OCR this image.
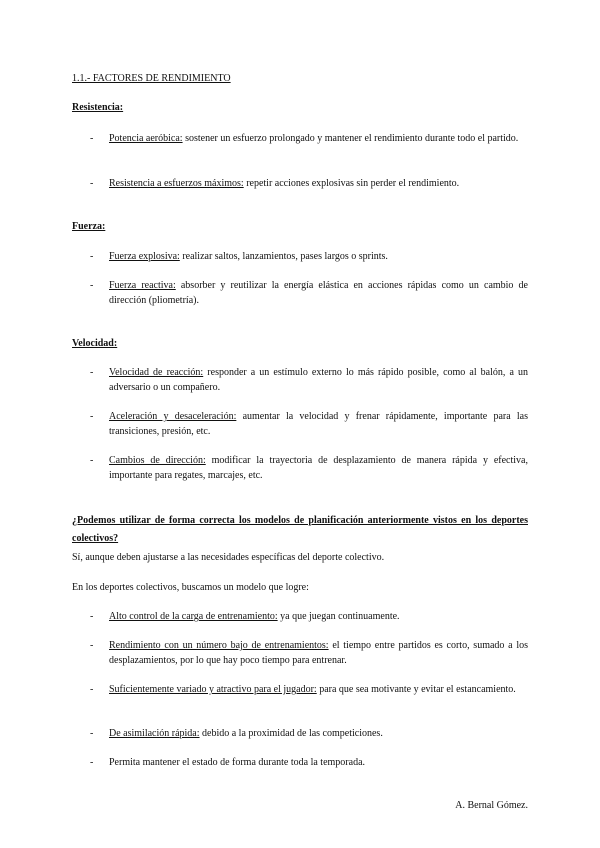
1.1.- FACTORES DE RENDIMIENTO
Resistencia:
- Potencia aeróbica: sostener un esfuerzo prolongado y mantener el rendimiento durante todo el partido.
- Resistencia a esfuerzos máximos: repetir acciones explosivas sin perder el rendimiento.
Fuerza:
- Fuerza explosiva: realizar saltos, lanzamientos, pases largos o sprints.
- Fuerza reactiva: absorber y reutilizar la energía elástica en acciones rápidas como un cambio de dirección (pliometría).
Velocidad:
- Velocidad de reacción: responder a un estímulo externo lo más rápido posible, como al balón, a un adversario o un compañero.
- Aceleración y desaceleración: aumentar la velocidad y frenar rápidamente, importante para las transiciones, presión, etc.
- Cambios de dirección: modificar la trayectoria de desplazamiento de manera rápida y efectiva, importante para regates, marcajes, etc.
¿Podemos utilizar de forma correcta los modelos de planificación anteriormente vistos en los deportes colectivos?
Sí, aunque deben ajustarse a las necesidades específicas del deporte colectivo.
En los deportes colectivos, buscamos un modelo que logre:
- Alto control de la carga de entrenamiento: ya que juegan continuamente.
- Rendimiento con un número bajo de entrenamientos: el tiempo entre partidos es corto, sumado a los desplazamientos, por lo que hay poco tiempo para entrenar.
- Suficientemente variado y atractivo para el jugador: para que sea motivante y evitar el estancamiento.
- De asimilación rápida: debido a la proximidad de las competiciones.
- Permita mantener el estado de forma durante toda la temporada.
A. Bernal Gómez.
